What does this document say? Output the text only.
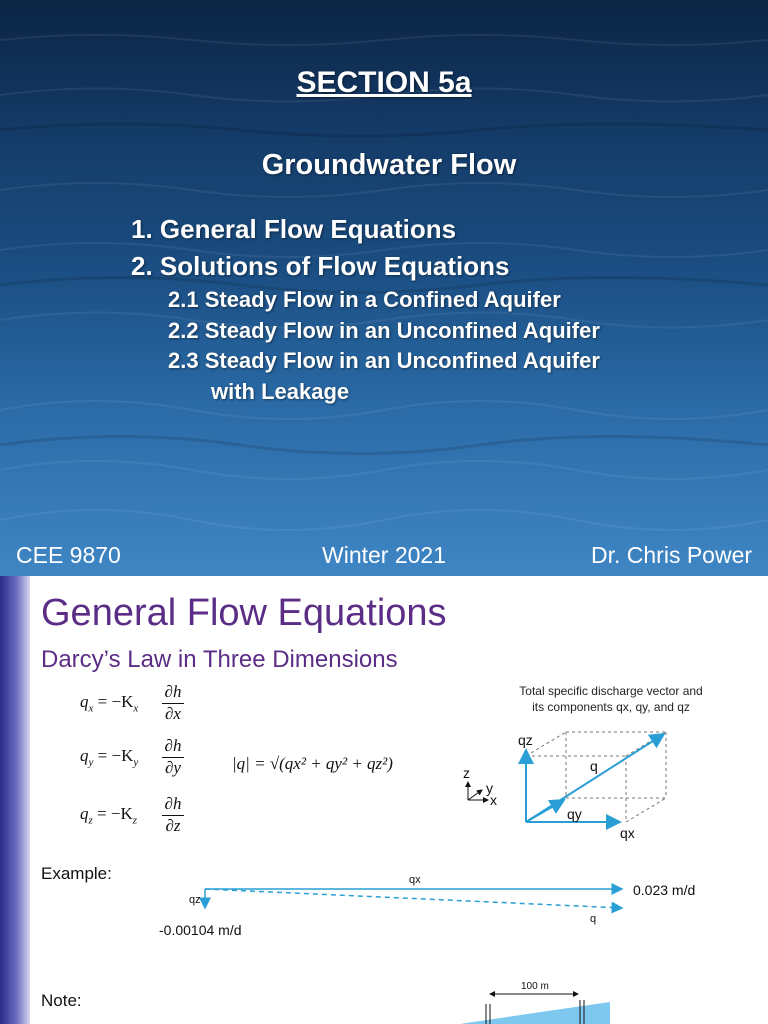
SECTION 5a
Groundwater Flow
1. General Flow Equations
2. Solutions of Flow Equations
2.1 Steady Flow in a Confined Aquifer
2.2 Steady Flow in an Unconfined Aquifer
2.3 Steady Flow in an Unconfined Aquifer
with Leakage
CEE 9870	Winter 2021	Dr. Chris Power
General Flow Equations
Darcy’s Law in Three Dimensions
$q_x = -K_x$
∂h
∂x
$q_y = -K_y$
∂h
∂y
$q_z = -K_z$
∂h
∂z
|q| = √(qx² + qy² + qz²)
Total specific discharge vector and
its components qx, qy, and qz
z
y
x
qz
qy
qx
q
Example:	qx
qz
q
0.023 m/d
-0.00104 m/d
Note:
100 m
